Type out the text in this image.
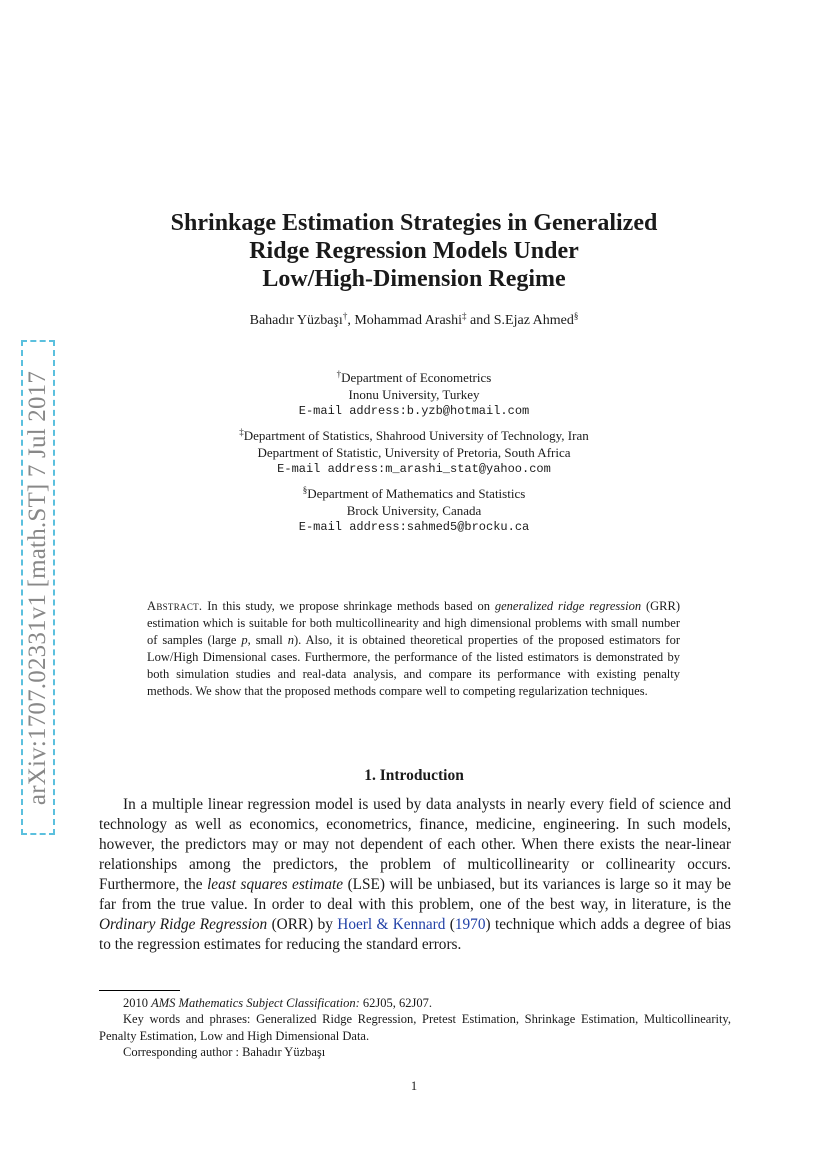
arXiv:1707.02331v1 [math.ST] 7 Jul 2017
Shrinkage Estimation Strategies in Generalized
Ridge Regression Models Under
Low/High-Dimension Regime
Bahadır Yüzbaşı†, Mohammad Arashi‡ and S.Ejaz Ahmed§
†Department of Econometrics
Inonu University, Turkey
E-mail address:b.yzb@hotmail.com
‡Department of Statistics, Shahrood University of Technology, Iran
Department of Statistic, University of Pretoria, South Africa
E-mail address:m_arashi_stat@yahoo.com
§Department of Mathematics and Statistics
Brock University, Canada
E-mail address:sahmed5@brocku.ca
Abstract. In this study, we propose shrinkage methods based on generalized ridge regression (GRR) estimation which is suitable for both multicollinearity and high dimensional problems with small number of samples (large p, small n). Also, it is obtained theoretical properties of the proposed estimators for Low/High Dimensional cases. Furthermore, the performance of the listed estimators is demonstrated by both simulation studies and real-data analysis, and compare its performance with existing penalty methods. We show that the proposed methods compare well to competing regularization techniques.
1. Introduction
In a multiple linear regression model is used by data analysts in nearly every field of science and technology as well as economics, econometrics, finance, medicine, engineering. In such models, however, the predictors may or may not dependent of each other. When there exists the near-linear relationships among the predictors, the problem of multicollinearity or collinearity occurs. Furthermore, the least squares estimate (LSE) will be unbiased, but its variances is large so it may be far from the true value. In order to deal with this problem, one of the best way, in literature, is the Ordinary Ridge Regression (ORR) by Hoerl & Kennard (1970) technique which adds a degree of bias to the regression estimates for reducing the standard errors.
2010 AMS Mathematics Subject Classification: 62J05, 62J07.
Key words and phrases: Generalized Ridge Regression, Pretest Estimation, Shrinkage Estimation, Multicollinearity, Penalty Estimation, Low and High Dimensional Data.
Corresponding author : Bahadır Yüzbaşı
1
